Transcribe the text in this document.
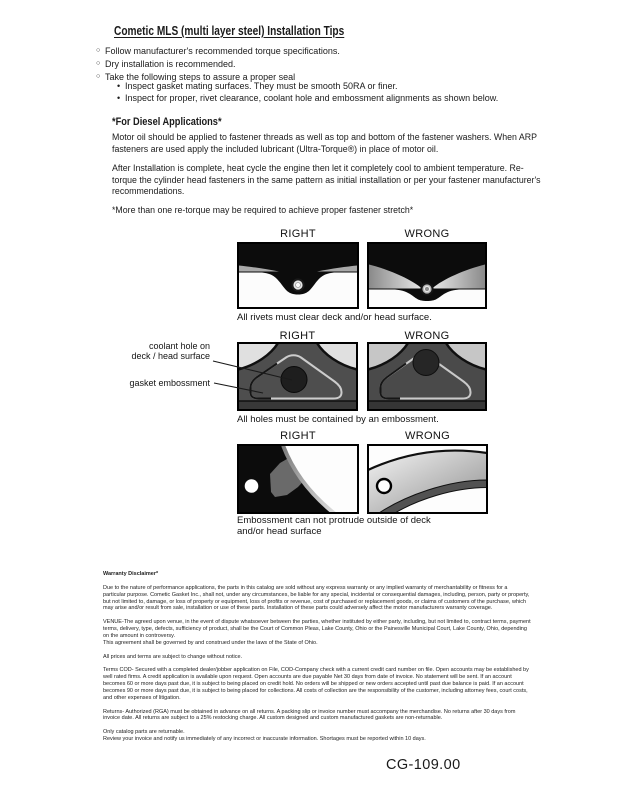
Cometic MLS (multi layer steel) Installation Tips
○ Follow manufacturer's recommended torque specifications.
○ Dry installation is recommended.
○ Take the following steps to assure a proper seal
• Inspect gasket mating surfaces. They must be smooth 50RA or finer.
• Inspect for proper, rivet clearance, coolant hole and embossment alignments as shown below.
*For Diesel Applications*
Motor oil should be applied to fastener threads as well as top and bottom of the fastener washers. When ARP fasteners are used apply the included lubricant (Ultra-Torque®) in place of motor oil.
After Installation is complete, heat cycle the engine then let it completely cool to ambient temperature. Re-torque the cylinder head fasteners in the same pattern as initial installation or per your fastener manufacturer's recommendations.
*More than one re-torque may be required to achieve proper fastener stretch*
RIGHT	WRONG
All rivets must clear deck and/or head surface.
RIGHT	WRONG
coolant hole on
deck / head surface
gasket embossment
All holes must be contained by an embossment.
RIGHT	WRONG
Embossment can not protrude outside of deck and/or head surface
Warranty Disclaimer*
Due to the nature of performance applications, the parts in this catalog are sold without any express warranty or any implied warranty of merchantability or fitness for a particular purpose. Cometic Gasket Inc., shall not, under any circumstances, be liable for any special, incidental or consequential damages, including, person, party or property, but not limited to, damage, or loss of property or equipment, loss of profits or revenue, cost of purchased or replacement goods, or claims of customers of the purchase, which may arise and/or result from sale, installation or use of these parts. Installation of these parts could adversely affect the motor manufacturers warranty coverage.
VENUE-The agreed upon venue, in the event of dispute whatsoever between the parties, whether instituted by either party, including, but not limited to, contract terms, payment terms, delivery, type, defects, sufficiency of product, shall be the Court of Common Pleas, Lake County, Ohio or the Painesville Municipal Court, Lake County, Ohio, depending on the amount in controversy.
This agreement shall be governed by and construed under the laws of the State of Ohio.
All prices and terms are subject to change without notice.
Terms COD- Secured with a completed dealer/jobber application on File, COD-Company check with a current credit card number on file. Open accounts may be established by well rated firms. A credit application is available upon request. Open accounts are due payable Net 30 days from date of invoice. No statement will be sent. If an account becomes 60 or more days past due, it is subject to being placed on credit hold. No orders will be shipped or new orders accepted until past due balance is paid. If an account becomes 90 or more days past due, it is subject to being placed for collections. All costs of collection are the responsibility of the customer, including attorney fees, court costs, and other expenses of litigation.
Returns- Authorized (RGA) must be obtained in advance on all returns. A packing slip or invoice number must accompany the merchandise. No returns after 30 days from invoice date. All returns are subject to a 25% restocking charge. All custom designed and custom manufactured gaskets are non-returnable.
Only catalog parts are returnable.
Review your invoice and notify us immediately of any incorrect or inaccurate information. Shortages must be reported within 10 days.
CG-109.00
